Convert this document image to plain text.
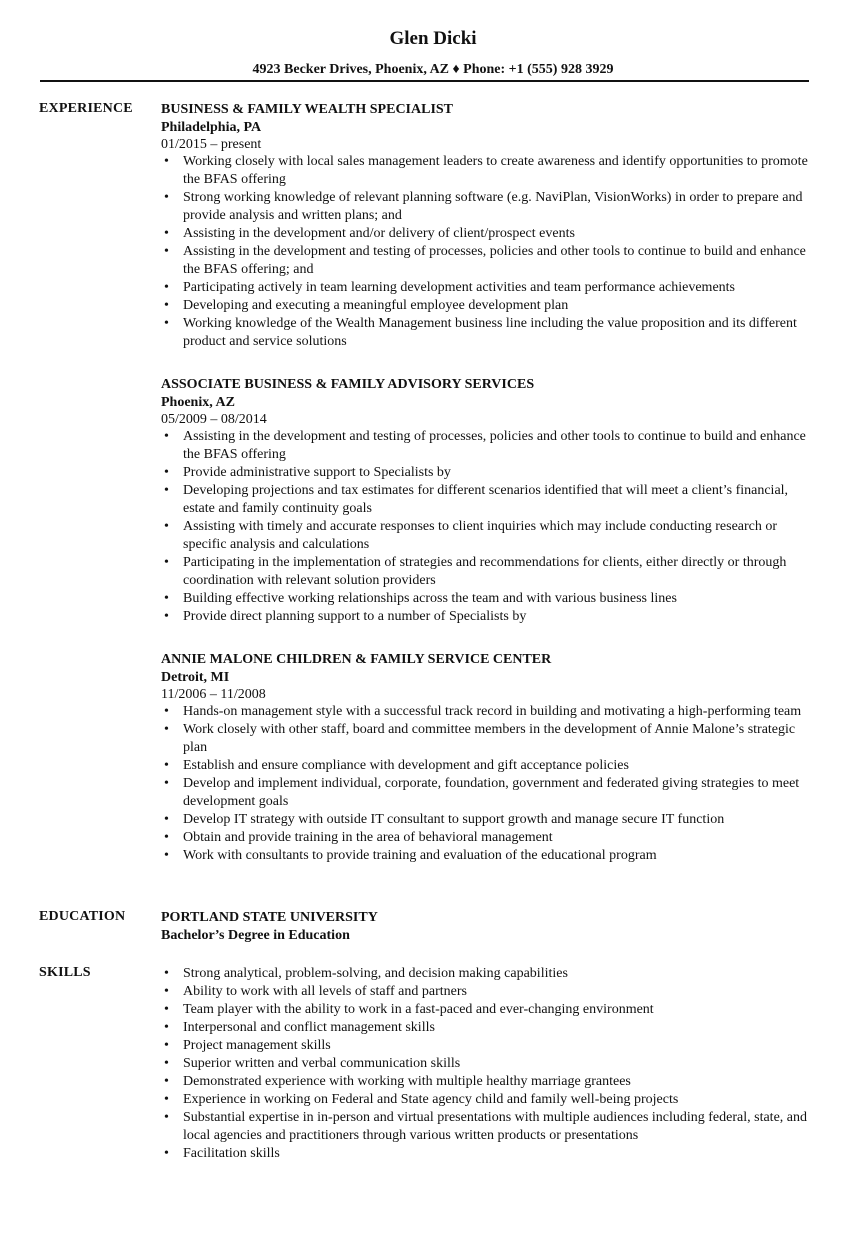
Glen Dicki
4923 Becker Drives, Phoenix, AZ ♦ Phone: +1 (555) 928 3929
EXPERIENCE BUSINESS & FAMILY WEALTH SPECIALIST
Philadelphia, PA
01/2015 – present
• Working closely with local sales management leaders to create awareness and identify opportunities to promote the BFAS offering
• Strong working knowledge of relevant planning software (e.g. NaviPlan, VisionWorks) in order to prepare and provide analysis and written plans; and
• Assisting in the development and/or delivery of client/prospect events
• Assisting in the development and testing of processes, policies and other tools to continue to build and enhance the BFAS offering; and
• Participating actively in team learning development activities and team performance achievements
• Developing and executing a meaningful employee development plan
• Working knowledge of the Wealth Management business line including the value proposition and its different product and service solutions
ASSOCIATE BUSINESS & FAMILY ADVISORY SERVICES
Phoenix, AZ
05/2009 – 08/2014
• Assisting in the development and testing of processes, policies and other tools to continue to build and enhance the BFAS offering
• Provide administrative support to Specialists by
• Developing projections and tax estimates for different scenarios identified that will meet a client’s financial, estate and family continuity goals
• Assisting with timely and accurate responses to client inquiries which may include conducting research or specific analysis and calculations
• Participating in the implementation of strategies and recommendations for clients, either directly or through coordination with relevant solution providers
• Building effective working relationships across the team and with various business lines
• Provide direct planning support to a number of Specialists by
ANNIE MALONE CHILDREN & FAMILY SERVICE CENTER
Detroit, MI
11/2006 – 11/2008
• Hands-on management style with a successful track record in building and motivating a high-performing team
• Work closely with other staff, board and committee members in the development of Annie Malone’s strategic plan
• Establish and ensure compliance with development and gift acceptance policies
• Develop and implement individual, corporate, foundation, government and federated giving strategies to meet development goals
• Develop IT strategy with outside IT consultant to support growth and manage secure IT function
• Obtain and provide training in the area of behavioral management
• Work with consultants to provide training and evaluation of the educational program
EDUCATION	PORTLAND STATE UNIVERSITY
Bachelor’s Degree in Education
SKILLS
•	Strong analytical, problem-solving, and decision making capabilities
• Ability to work with all levels of staff and partners
• Team player with the ability to work in a fast-paced and ever-changing environment
• Interpersonal and conflict management skills
• Project management skills
• Superior written and verbal communication skills
• Demonstrated experience with working with multiple healthy marriage grantees
• Experience in working on Federal and State agency child and family well-being projects
• Substantial expertise in in-person and virtual presentations with multiple audiences including federal, state, and local agencies and practitioners through various written products or presentations
• Facilitation skills
